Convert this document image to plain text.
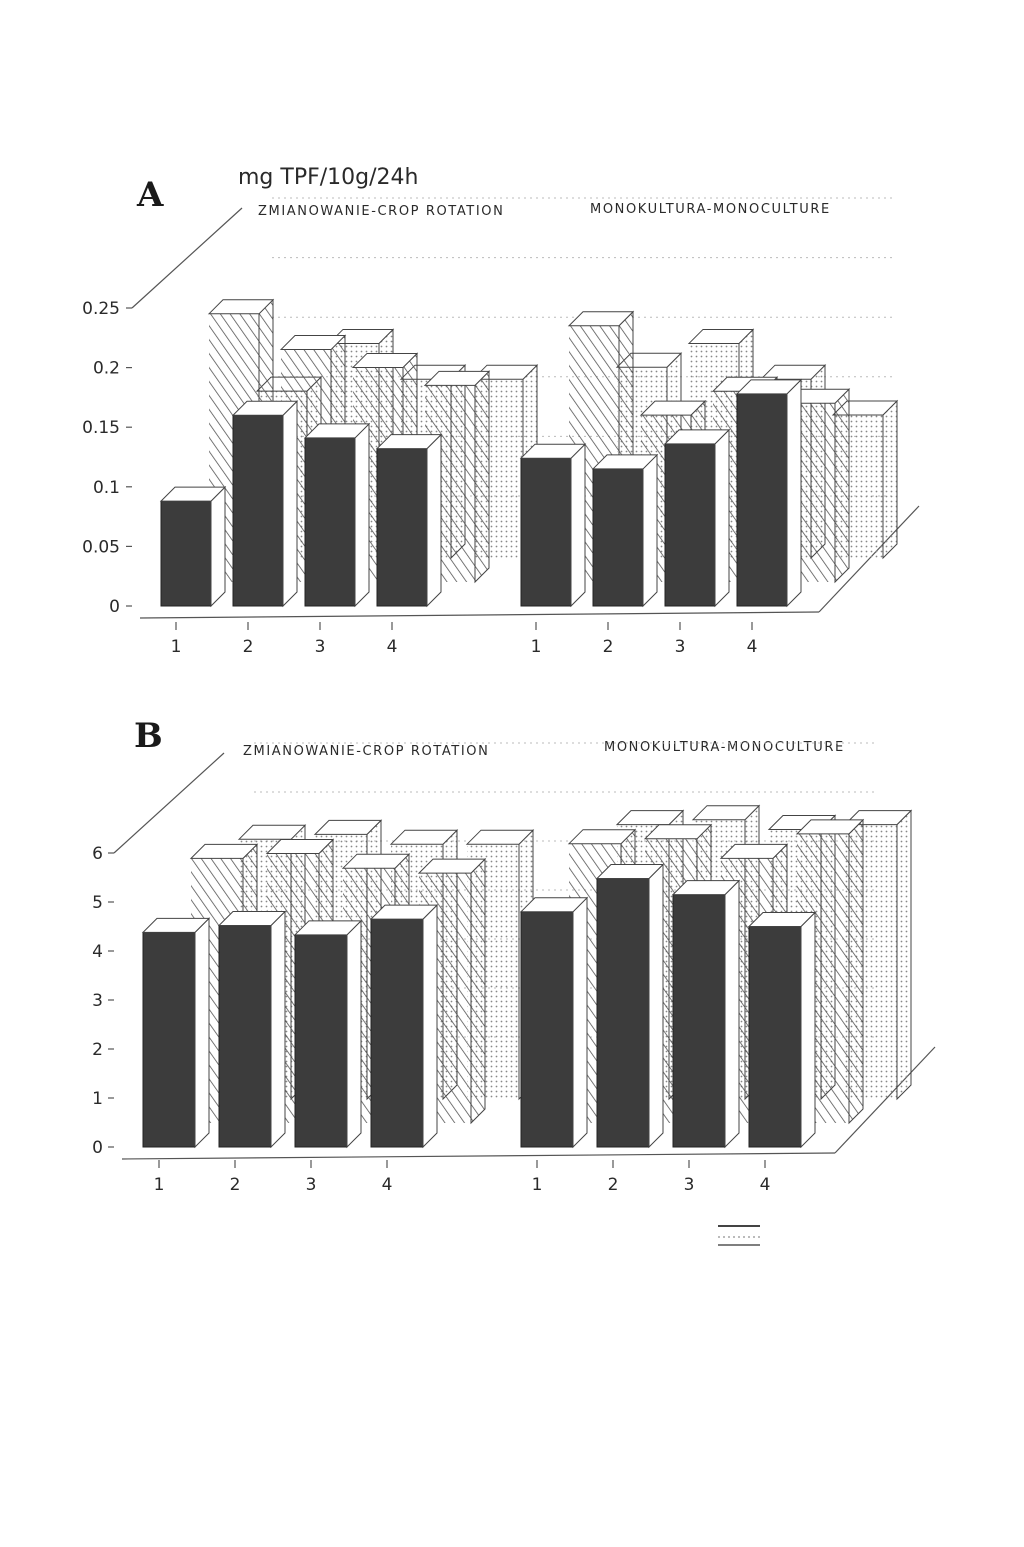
A	mg TPF/10g/24h
ZMIANOWANIE-CROP ROTATION	MONOKULTURA-MONOCULTURE
0
0.05
0.1
0.15
0.2
0.25
1	1
2	2
3	3
4	4
B	ZMIANOWANIE-CROP ROTATION	MONOKULTURA-MONOCULTURE
0
1
2
3
4
5
6
1	1
2	2
3	3
4	4
